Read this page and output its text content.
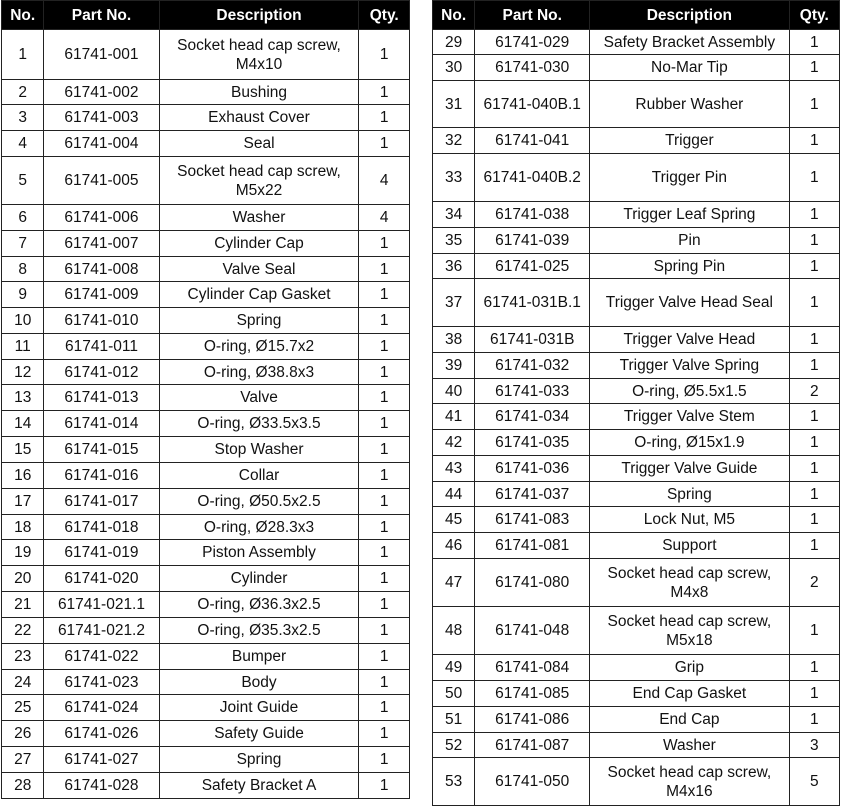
No.	Part No.	Description	Qty.
1	61741-001	Socket head cap screw, M4x10	1
2	61741-002	Bushing	1
3	61741-003	Exhaust Cover	1
4	61741-004	Seal	1
5	61741-005	Socket head cap screw, M5x22	4
6	61741-006	Washer	4
7	61741-007	Cylinder Cap	1
8	61741-008	Valve Seal	1
9	61741-009	Cylinder Cap Gasket	1
10	61741-010	Spring	1
11	61741-011	O-ring, Ø15.7x2	1
12	61741-012	O-ring, Ø38.8x3	1
13	61741-013	Valve	1
14	61741-014	O-ring, Ø33.5x3.5	1
15	61741-015	Stop Washer	1
16	61741-016	Collar	1
17	61741-017	O-ring, Ø50.5x2.5	1
18	61741-018	O-ring, Ø28.3x3	1
19	61741-019	Piston Assembly	1
20	61741-020	Cylinder	1
21	61741-021.1	O-ring, Ø36.3x2.5	1
22	61741-021.2	O-ring, Ø35.3x2.5	1
23	61741-022	Bumper	1
24	61741-023	Body	1
25	61741-024	Joint Guide	1
26	61741-026	Safety Guide	1
27	61741-027	Spring	1
28	61741-028	Safety Bracket A	1
No.	Part No.	Description	Qty.
29	61741-029	Safety Bracket Assembly	1
30	61741-030	No-Mar Tip	1
31	61741-040B.1	Rubber Washer	1
32	61741-041	Trigger	1
33	61741-040B.2	Trigger Pin	1
34	61741-038	Trigger Leaf Spring	1
35	61741-039	Pin	1
36	61741-025	Spring Pin	1
37	61741-031B.1	Trigger Valve Head Seal	1
38	61741-031B	Trigger Valve Head	1
39	61741-032	Trigger Valve Spring	1
40	61741-033	O-ring, Ø5.5x1.5	2
41	61741-034	Trigger Valve Stem	1
42	61741-035	O-ring, Ø15x1.9	1
43	61741-036	Trigger Valve Guide	1
44	61741-037	Spring	1
45	61741-083	Lock Nut, M5	1
46	61741-081	Support	1
47	61741-080	Socket head cap screw, M4x8	2
48	61741-048	Socket head cap screw, M5x18	1
49	61741-084	Grip	1
50	61741-085	End Cap Gasket	1
51	61741-086	End Cap	1
52	61741-087	Washer	3
53	61741-050	Socket head cap screw, M4x16	5
